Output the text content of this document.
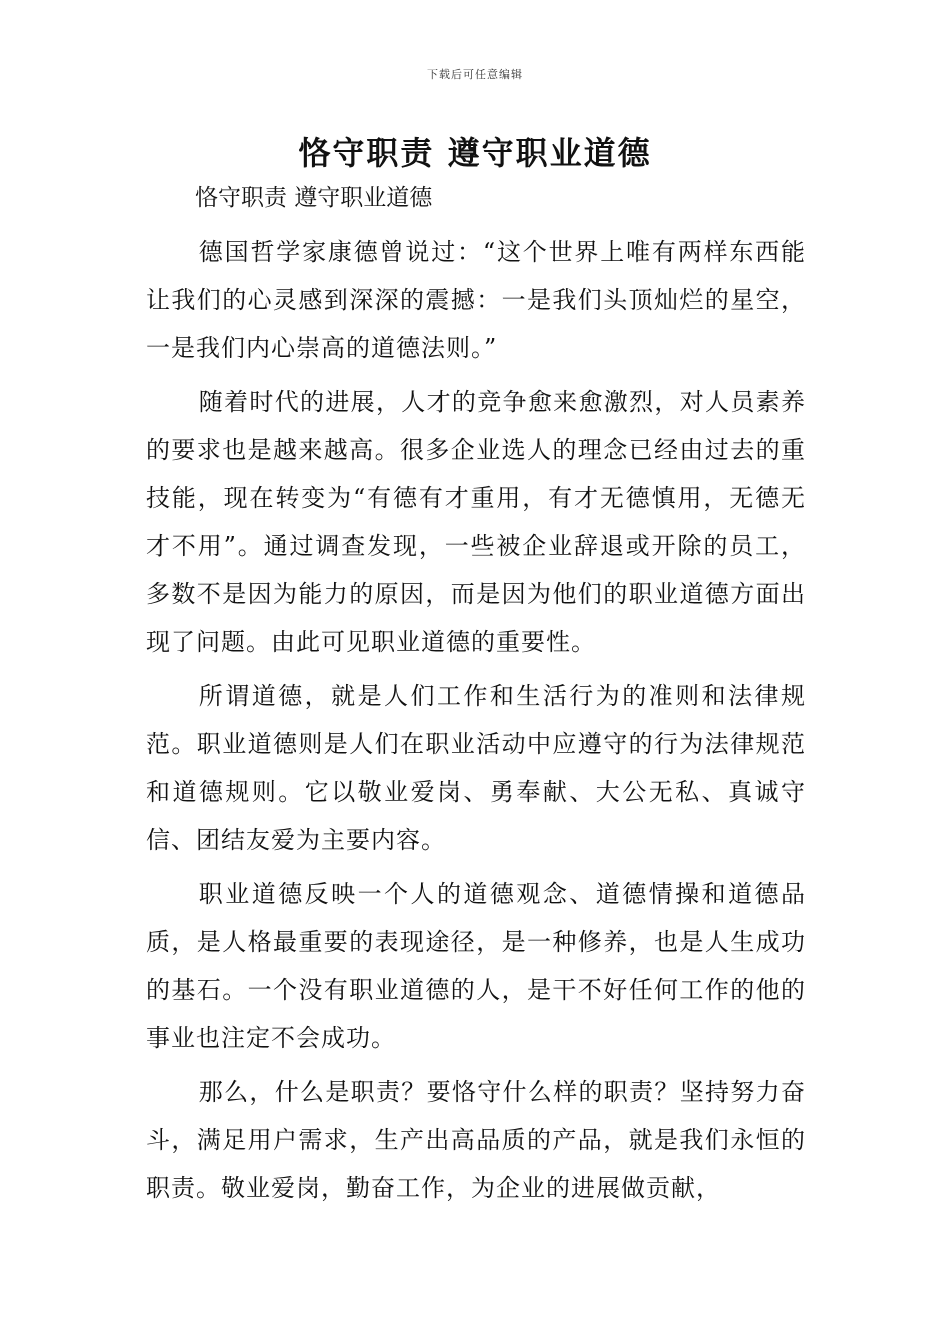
下载后可任意编辑
恪守职责 遵守职业道德

恪守职责 遵守职业道德

德国哲学家康德曾说过：“这个世界上唯有两样东西能让我们的心灵感到深深的震撼：一是我们头顶灿烂的星空，一是我们内心崇高的道德法则。”

随着时代的进展，人才的竞争愈来愈激烈，对人员素养的要求也是越来越高。很多企业选人的理念已经由过去的重技能，现在转变为“有德有才重用，有才无德慎用，无德无才不用”。通过调查发现，一些被企业辞退或开除的员工，多数不是因为能力的原因，而是因为他们的职业道德方面出现了问题。由此可见职业道德的重要性。

所谓道德，就是人们工作和生活行为的准则和法律规范。职业道德则是人们在职业活动中应遵守的行为法律规范和道德规则。它以敬业爱岗、勇奉献、大公无私、真诚守信、团结友爱为主要内容。

职业道德反映一个人的道德观念、道德情操和道德品质，是人格最重要的表现途径，是一种修养，也是人生成功的基石。一个没有职业道德的人，是干不好任何工作的他的事业也注定不会成功。

那么，什么是职责？要恪守什么样的职责？坚持努力奋斗，满足用户需求，生产出高品质的产品，就是我们永恒的职责。敬业爱岗，勤奋工作，为企业的进展做贡献，
